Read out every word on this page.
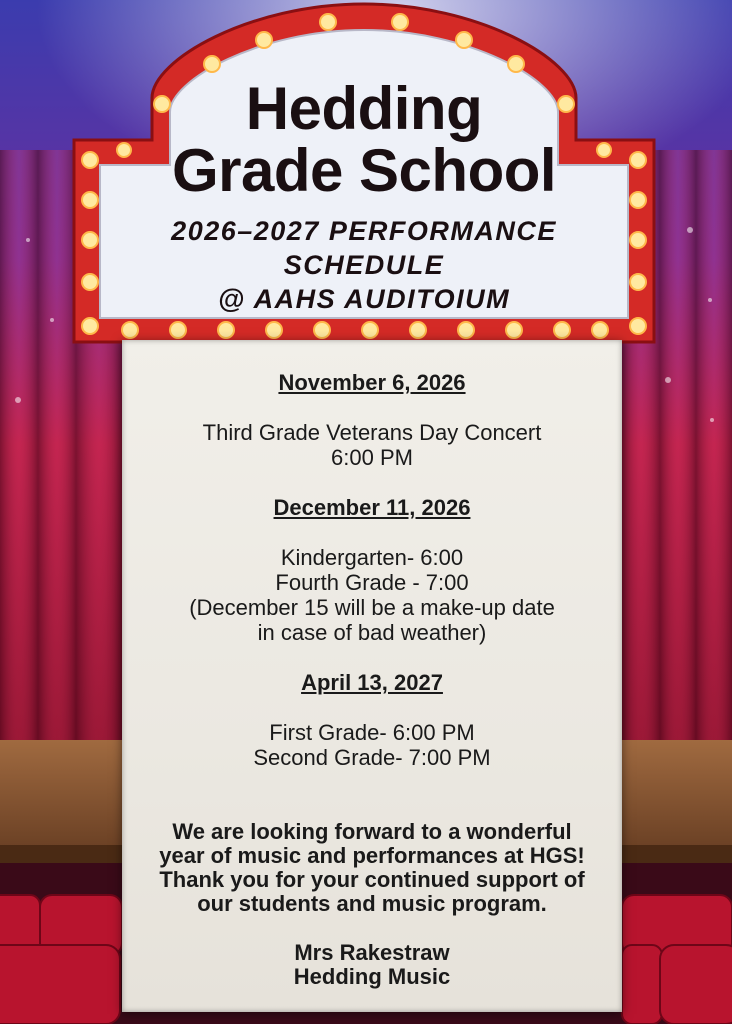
Hedding
Grade School
2026–2027 PERFORMANCE
SCHEDULE
@ AAHS AUDITOIUM

November 6, 2026

Third Grade Veterans Day Concert

6:00 PM

December 11, 2026

Kindergarten- 6:00

Fourth Grade - 7:00

(December 15 will be a make-up date

in case of bad weather)

April 13, 2027

First Grade- 6:00 PM

Second Grade- 7:00 PM

We are looking forward to a wonderful

year of music and performances at HGS!

Thank you for your continued support of

our students and music program.

Mrs Rakestraw

Hedding Music
